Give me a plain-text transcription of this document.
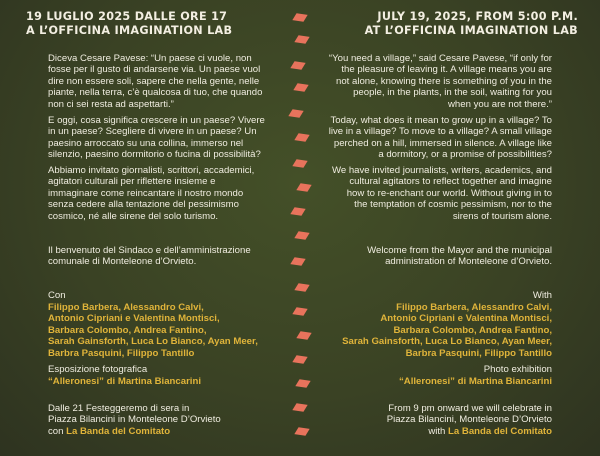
19 LUGLIO 2025 DALLE ORE 17
A L’OFFICINA IMAGINATION LAB
JULY 19, 2025, FROM 5:00 P.M.
AT L’OFFICINA IMAGINATION LAB
Diceva Cesare Pavese: “Un paese ci vuole, non
fosse per il gusto di andarsene via. Un paese vuol
dire non essere soli, sapere che nella gente, nelle
piante, nella terra, c’è qualcosa di tuo, che quando
non ci sei resta ad aspettarti.”
E oggi, cosa significa crescere in un paese? Vivere
in un paese? Scegliere di vivere in un paese? Un
paesino arroccato su una collina, immerso nel
silenzio, paesino dormitorio o fucina di possibilità?
Abbiamo invitato giornalisti, scrittori, accademici,
agitatori culturali per riflettere insieme e
immaginare come reincantare il nostro mondo
senza cedere alla tentazione del pessimismo
cosmico, né alle sirene del solo turismo.
Il benvenuto del Sindaco e dell’amministrazione
comunale di Monteleone d’Orvieto.
Con
Filippo Barbera, Alessandro Calvi,
Antonio Cipriani e Valentina Montisci,
Barbara Colombo, Andrea Fantino,
Sarah Gainsforth, Luca Lo Bianco, Ayan Meer,
Barbra Pasquini, Filippo Tantillo
Esposizione fotografica
“Alleronesi” di Martina Biancarini
Dalle 21 Festeggeremo di sera in
Piazza Bilancini in Monteleone D’Orvieto
con La Banda del Comitato
“You need a village,” said Cesare Pavese, “if only for
the pleasure of leaving it. A village means you are
not alone, knowing there is something of you in the
people, in the plants, in the soil, waiting for you
when you are not there.”
Today, what does it mean to grow up in a village? To
live in a village? To move to a village? A small village
perched on a hill, immersed in silence. A village like
a dormitory, or a promise of possibilities?
We have invited journalists, writers, academics, and
cultural agitators to reflect together and imagine
how to re-enchant our world. Without giving in to
the temptation of cosmic pessimism, nor to the
sirens of tourism alone.
Welcome from the Mayor and the municipal
administration of Monteleone d’Orvieto.
With
Filippo Barbera, Alessandro Calvi,
Antonio Cipriani e Valentina Montisci,
Barbara Colombo, Andrea Fantino,
Sarah Gainsforth, Luca Lo Bianco, Ayan Meer,
Barbra Pasquini, Filippo Tantillo
Photo exhibition
“Alleronesi” di Martina Biancarini
From 9 pm onward we will celebrate in
Piazza Bilancini, Monteleone D’Orvieto
with La Banda del Comitato
